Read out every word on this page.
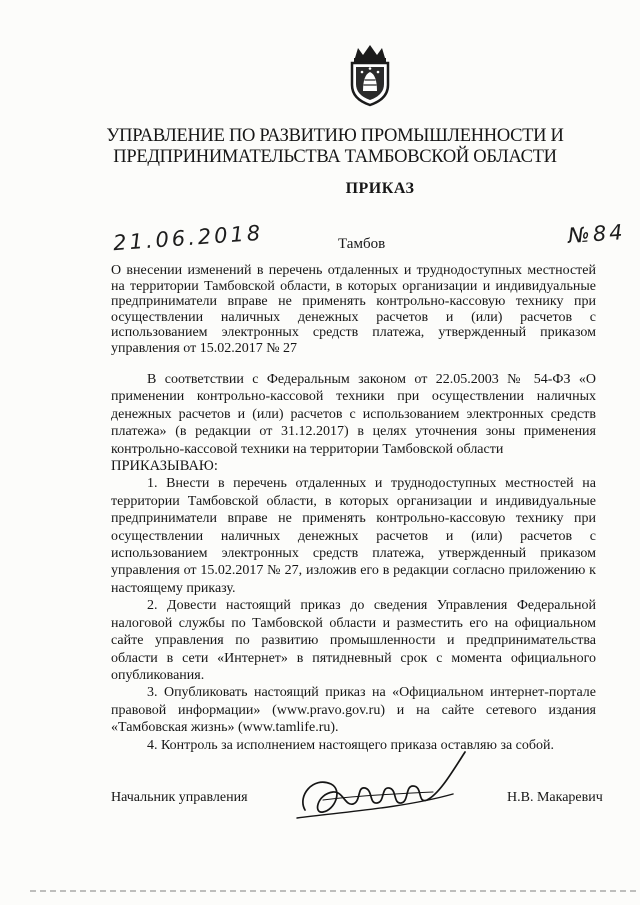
УПРАВЛЕНИЕ ПО РАЗВИТИЮ ПРОМЫШЛЕННОСТИ И
ПРЕДПРИНИМАТЕЛЬСТВА ТАМБОВСКОЙ ОБЛАСТИ
ПРИКАЗ
21.06.2018	Тамбов	№84
О внесении изменений в перечень отдаленных и труднодоступных местностей на территории Тамбовской области, в которых организации и индивидуальные предприниматели вправе не применять контрольно-кассовую технику при осуществлении наличных денежных расчетов и (или) расчетов с использованием электронных средств платежа, утвержденный приказом управления от 15.02.2017 № 27

В соответствии с Федеральным законом от 22.05.2003 № 54-ФЗ «О применении контрольно-кассовой техники при осуществлении наличных денежных расчетов и (или) расчетов с использованием электронных средств платежа» (в редакции от 31.12.2017) в целях уточнения зоны применения контрольно-кассовой техники на территории Тамбовской области

ПРИКАЗЫВАЮ:

1. Внести в перечень отдаленных и труднодоступных местностей на территории Тамбовской области, в которых организации и индивидуальные предприниматели вправе не применять контрольно-кассовую технику при осуществлении наличных денежных расчетов и (или) расчетов с использованием электронных средств платежа, утвержденный приказом управления от 15.02.2017 № 27, изложив его в редакции согласно приложению к настоящему приказу.

2. Довести настоящий приказ до сведения Управления Федеральной налоговой службы по Тамбовской области и разместить его на официальном сайте управления по развитию промышленности и предпринимательства области в сети «Интернет» в пятидневный срок с момента официального опубликования.

3. Опубликовать настоящий приказ на «Официальном интернет-портале правовой информации» (www.pravo.gov.ru) и на сайте сетевого издания «Тамбовская жизнь» (www.tamlife.ru).

4. Контроль за исполнением настоящего приказа оставляю за собой.

Начальник управления	Н.В. Макаревич
